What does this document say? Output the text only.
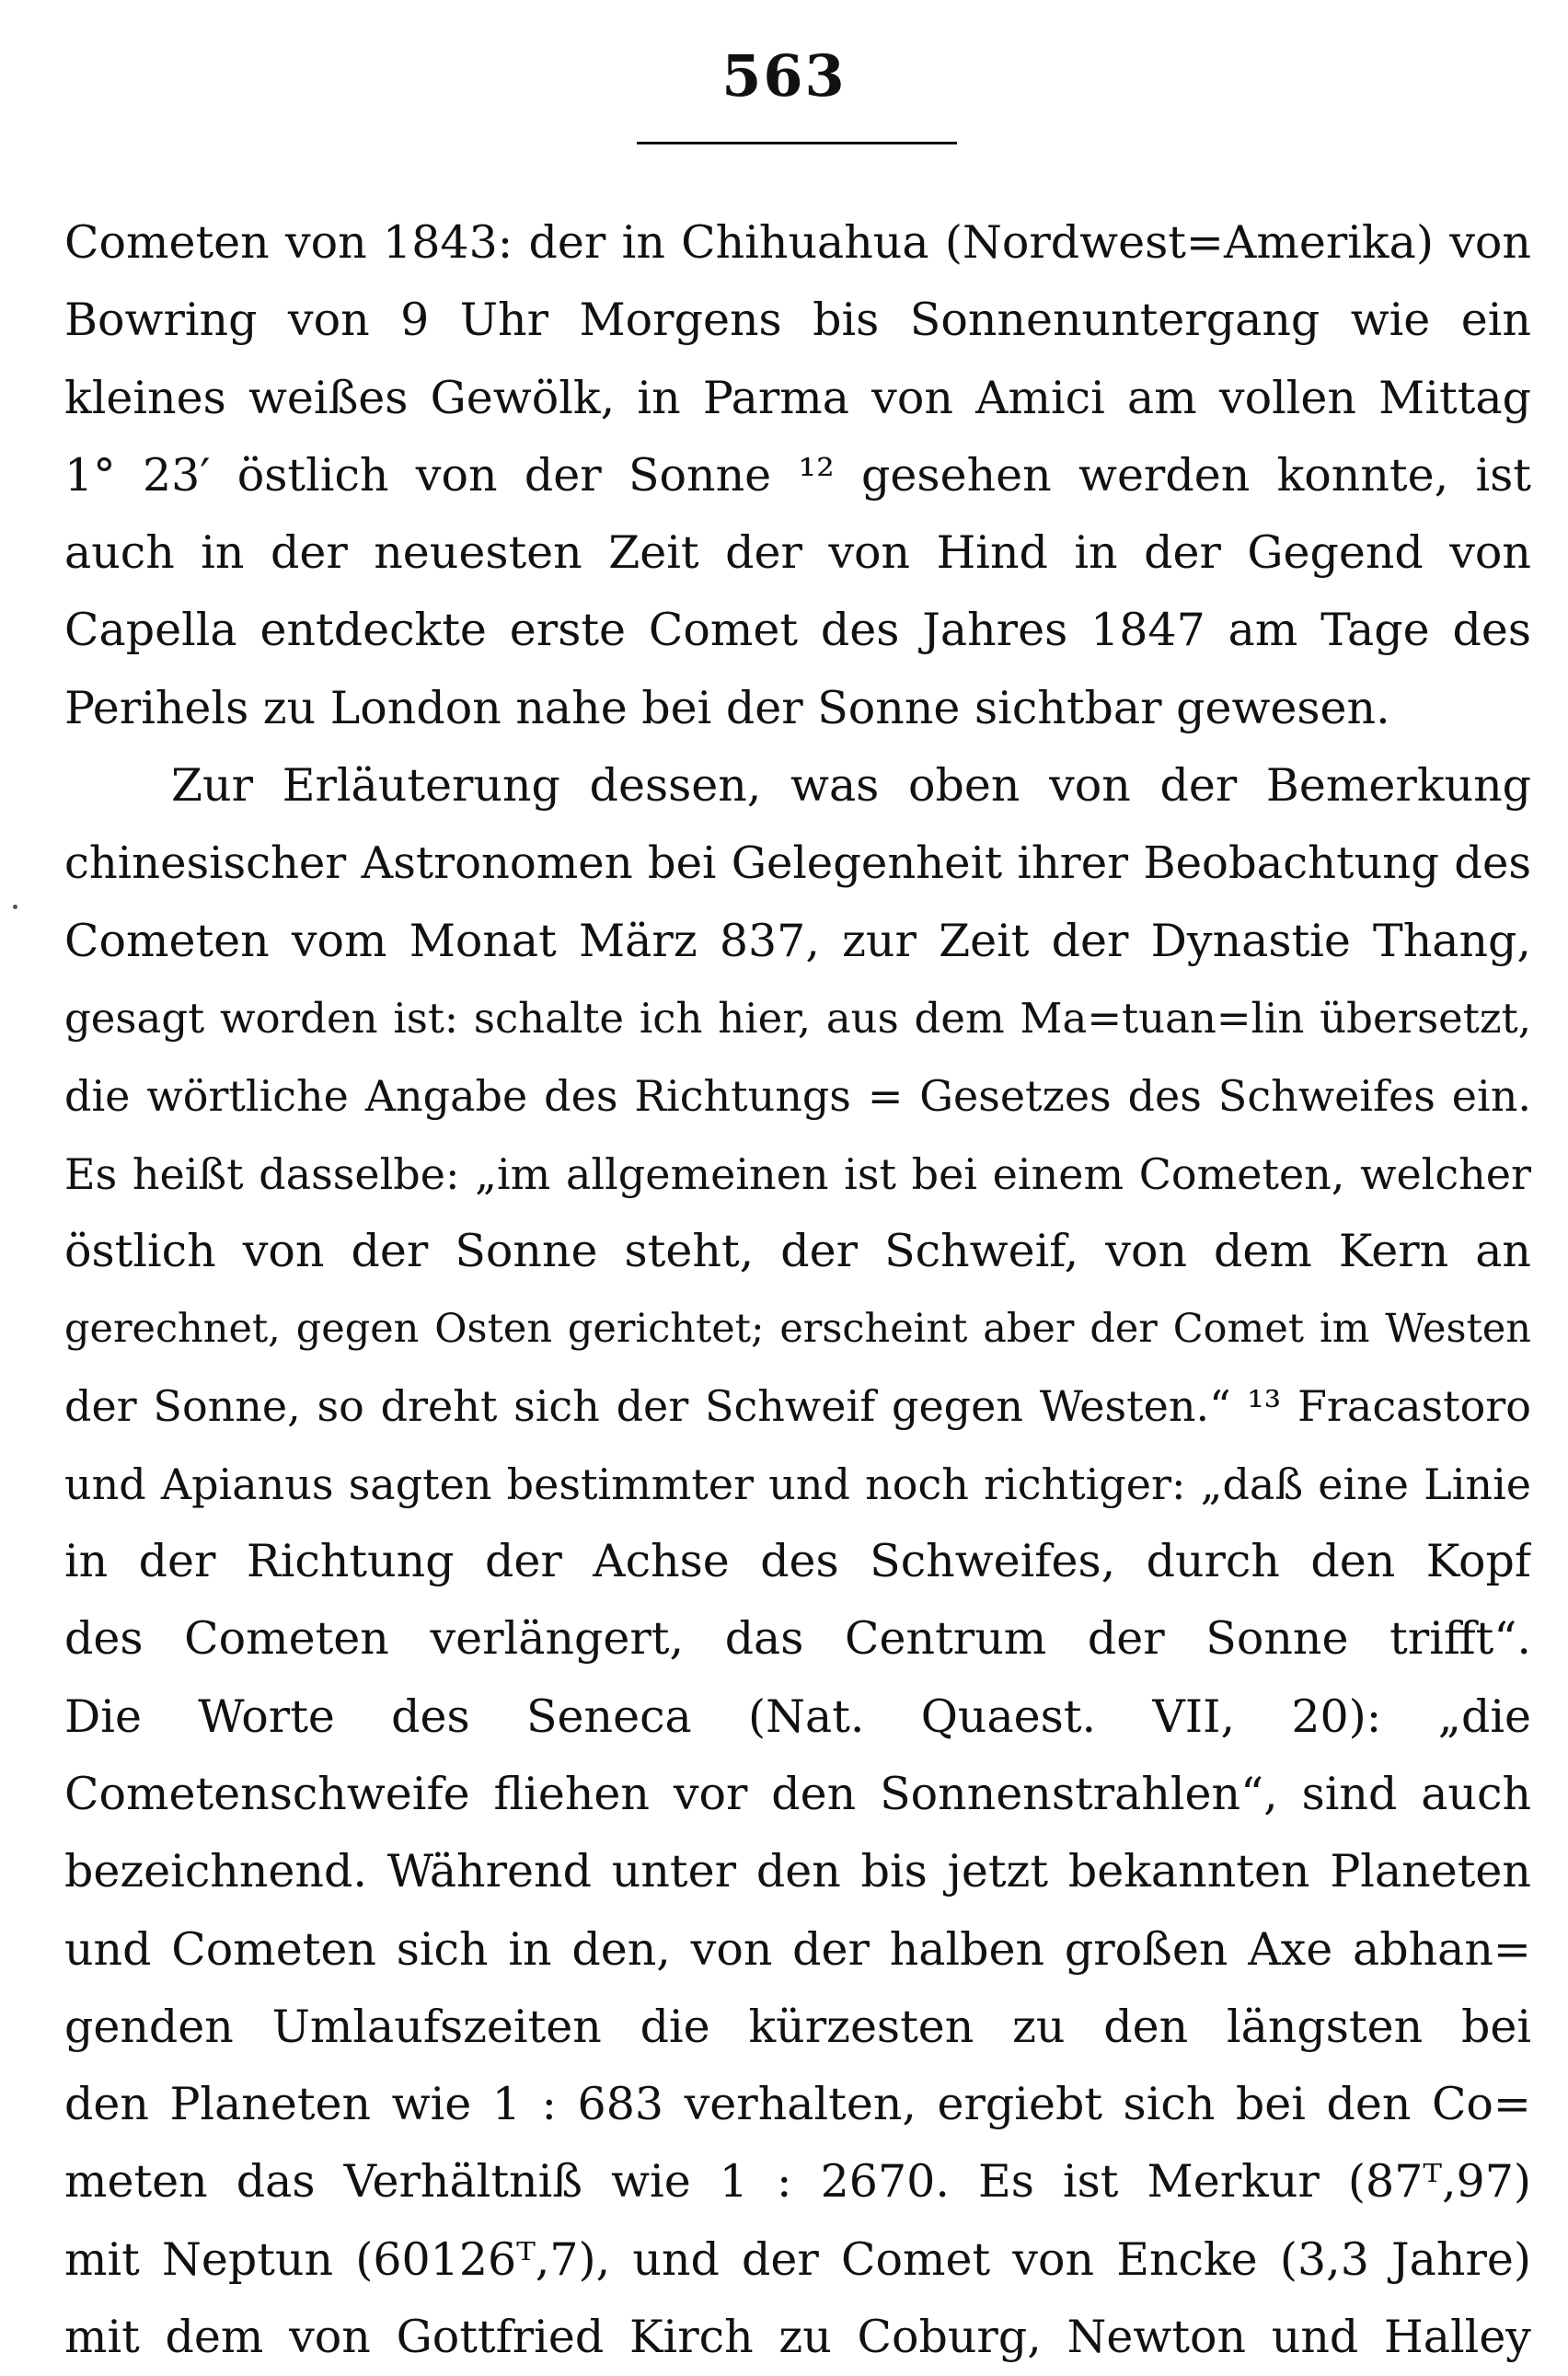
563
Cometen von 1843: der in Chihuahua (Nordwest=Amerika) von
Bowring von 9 Uhr Morgens bis Sonnenuntergang wie ein
kleines weißes Gewölk, in Parma von Amici am vollen Mittag
1° 23′ östlich von der Sonne ¹² gesehen werden konnte, ist
auch in der neuesten Zeit der von Hind in der Gegend von
Capella entdeckte erste Comet des Jahres 1847 am Tage des
Perihels zu London nahe bei der Sonne sichtbar gewesen.
Zur Erläuterung dessen, was oben von der Bemerkung
chinesischer Astronomen bei Gelegenheit ihrer Beobachtung des
Cometen vom Monat März 837, zur Zeit der Dynastie Thang,
gesagt worden ist: schalte ich hier, aus dem Ma=tuan=lin übersetzt,
die wörtliche Angabe des Richtungs = Gesetzes des Schweifes ein.
Es heißt dasselbe: „im allgemeinen ist bei einem Cometen, welcher
östlich von der Sonne steht, der Schweif, von dem Kern an
gerechnet, gegen Osten gerichtet; erscheint aber der Comet im Westen
der Sonne, so dreht sich der Schweif gegen Westen.“ ¹³ Fracastoro
und Apianus sagten bestimmter und noch richtiger: „daß eine Linie
in der Richtung der Achse des Schweifes, durch den Kopf
des Cometen verlängert, das Centrum der Sonne trifft“.
Die Worte des Seneca (Nat. Quaest. VII, 20): „die
Cometenschweife fliehen vor den Sonnenstrahlen“, sind auch
bezeichnend. Während unter den bis jetzt bekannten Planeten
und Cometen sich in den, von der halben großen Axe abhan=
genden Umlaufszeiten die kürzesten zu den längsten bei
den Planeten wie 1 : 683 verhalten, ergiebt sich bei den Co=
meten das Verhältniß wie 1 : 2670. Es ist Merkur (87ᵀ,97)
mit Neptun (60126ᵀ,7), und der Comet von Encke (3,3 Jahre)
mit dem von Gottfried Kirch zu Coburg, Newton und Halley
